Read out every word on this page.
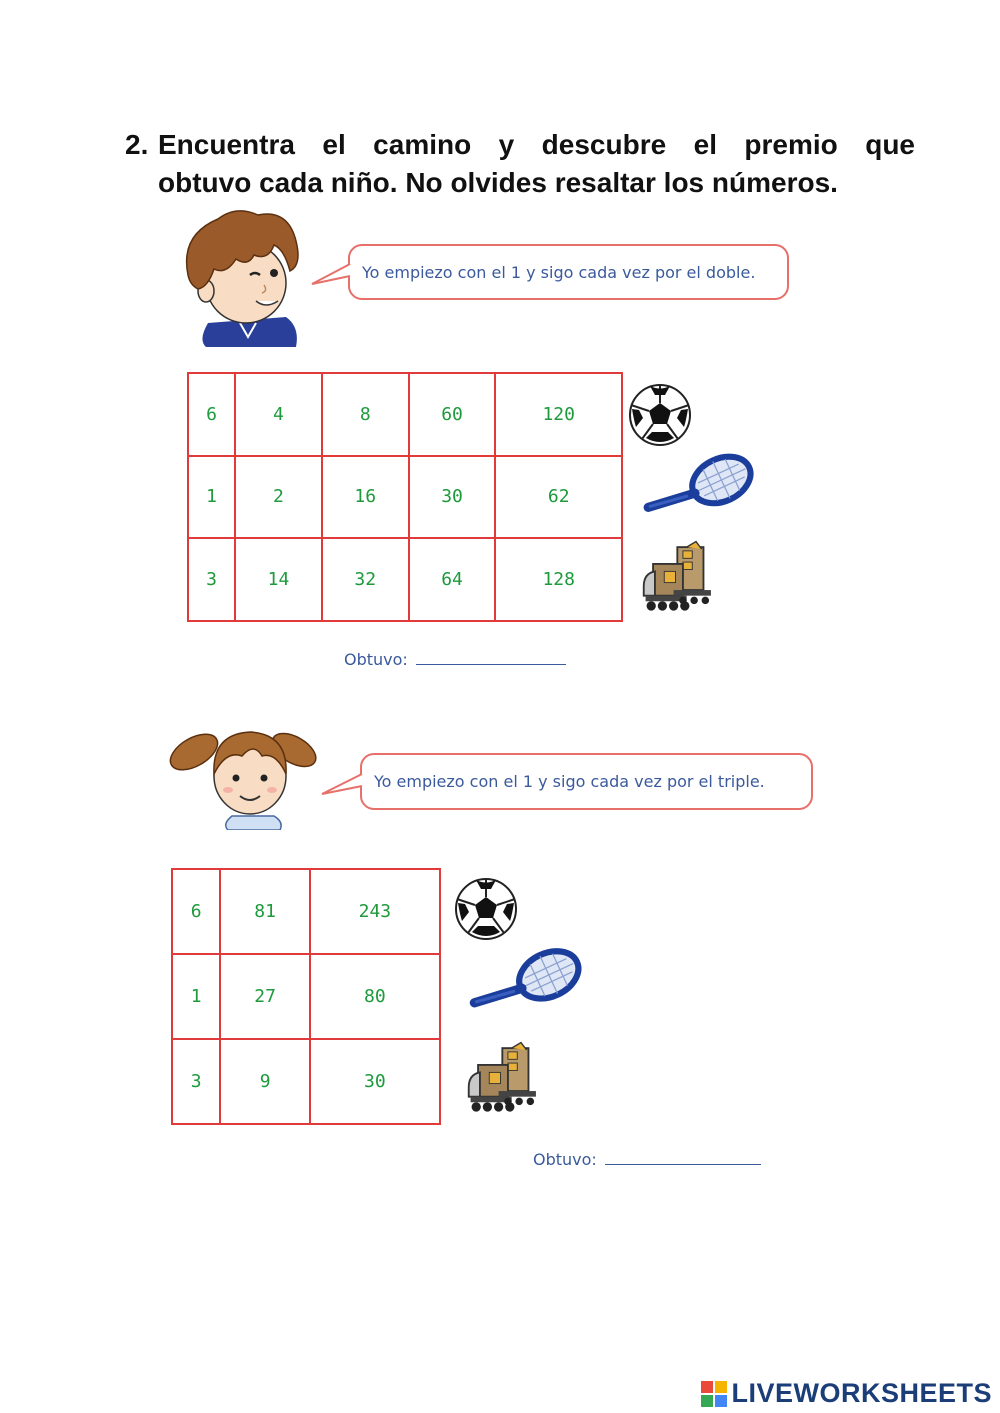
2. Encuentra el camino y descubre el premio que
obtuvo cada niño. No olvides resaltar los números.
Yo empiezo con el 1 y sigo cada vez por el doble.
6	4	8	60	120
1	2	16	30	62
3	14	32	64	128
Obtuvo:
Yo empiezo con el 1 y sigo cada vez por el triple.
6	81	243
1	27	80
3	9	30
Obtuvo:
LIVEWORKSHEETS
